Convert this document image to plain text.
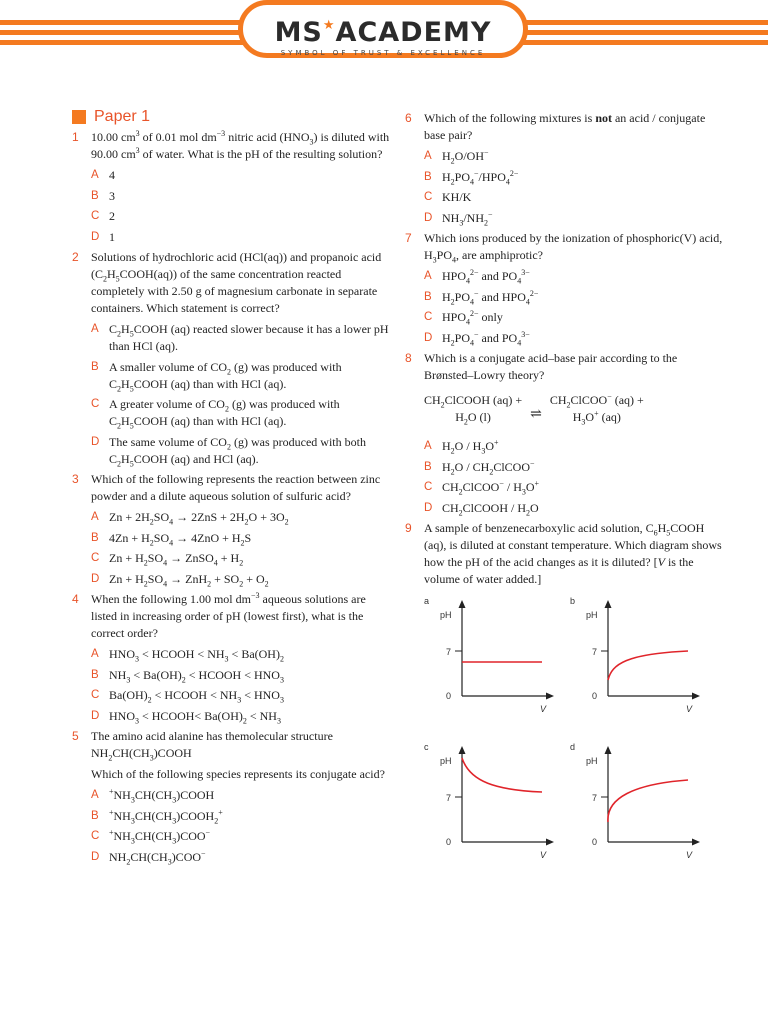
MS★ACADEMY
SYMBOL OF TRUST & EXCELLENCE
Paper 1
1 10.00 $cm^3$ of 0.01 mol $dm^{-3}$ nitric acid $(HNO_3)$ is diluted with 90.00 $cm^3$ of water. What is the pH of the resulting solution?
A 4
B 3
C 2
D 1
2 Solutions of hydrochloric acid (HCl(aq)) and propanoic acid $(C_2H_5COOH(aq))$ of the same concentration reacted completely with 2.50 g of magnesium carbonate in separate containers. Which statement is correct?
A $C_2H_5COOH$ (aq) reacted slower because it has a lower pH than HCl (aq).
B A smaller volume of $CO_2$ (g) was produced with $C_2H_5COOH$ (aq) than with HCl (aq).
C A greater volume of $CO_2$ (g) was produced with $C_2H_5COOH$ (aq) than with HCl (aq).
D The same volume of $CO_2$ (g) was produced with both $C_2H_5COOH$ (aq) and HCl (aq).
3 Which of the following represents the reaction between zinc powder and a dilute aqueous solution of sulfuric acid?
A $Zn + 2H_2SO_4 \to 2ZnS + 2H_2O + 3O_2$
B $4Zn + H_2SO_4 \to 4ZnO + H_2S$
C $Zn + H_2SO_4$ → ZnSO$_4$ + $H_2$
D $Zn + H_2SO_4 \to ZnH_2 + SO_2 + O_2$
4 When the following 1.00 mol $dm^{-3}$ aqueous solutions are listed in increasing order of pH (lowest first), what is the correct order?
A $HNO_3$ < HCOOH < $NH_3 < Ba(OH)_2$
B $NH_3 < Ba(OH)_2$ < HCOOH < $HNO_3$
C $Ba(OH)_2$ < HCOOH < $NH_3 < HNO_3$
D $HNO_3$ < HCOOH< $Ba(OH)_2 < NH_3$
5 The amino acid alanine has themolecular structure $NH_2CH(CH_3)COOH$
Which of the following species represents its conjugate acid?
A $^+NH_3CH(CH_3)COOH$
B $^+NH_3CH(CH_3)COOH_2^+$
C $^+NH_3CH(CH_3)COO^-$
D $NH_2CH(CH_3)COO^-$
6 Which of the following mixtures is not an acid / conjugate base pair?
A $H_2O/OH^-$
B $H_2PO_4^-/HPO_4^{2-}$
C KH/K
D $NH_3/NH_2^-$
7 Which ions produced by the ionization of phosphoric(V) acid, $H_3PO_4$, are amphiprotic?
A $HPO_4^{2-}$ and $PO_4^{3-}$
B $H_2PO_4^-$ and $HPO_4^{2-}$
C $HPO_4^{2-}$ only
D $H_2PO_4^-$ and $PO_4^{3-}$
8 Which is a conjugate acid–base pair according to the Brønsted–Lowry theory?
$CH_2ClCOOH$ (aq) +
$H_2O$ (l)	⇌
$CH_2ClCOO^-$ (aq) +
$H_3O^+$ (aq)
A $H_2O / H_3O^+$
B $H_2O$ / $CH_2ClCOO^-$
C $CH_2ClCOO^- / H_3O^+$
D $CH_2ClCOOH / H_2O$
9 A sample of benzenecarboxylic acid solution, $C_6H_5COOH$ (aq), is diluted at constant temperature. Which diagram shows how the pH of the acid changes as it is diluted? [V is the volume of water added.]
a
pH
7
0
V
b
pH
7
0
V
c
pH
7
0
V
d
pH
7
0
V
